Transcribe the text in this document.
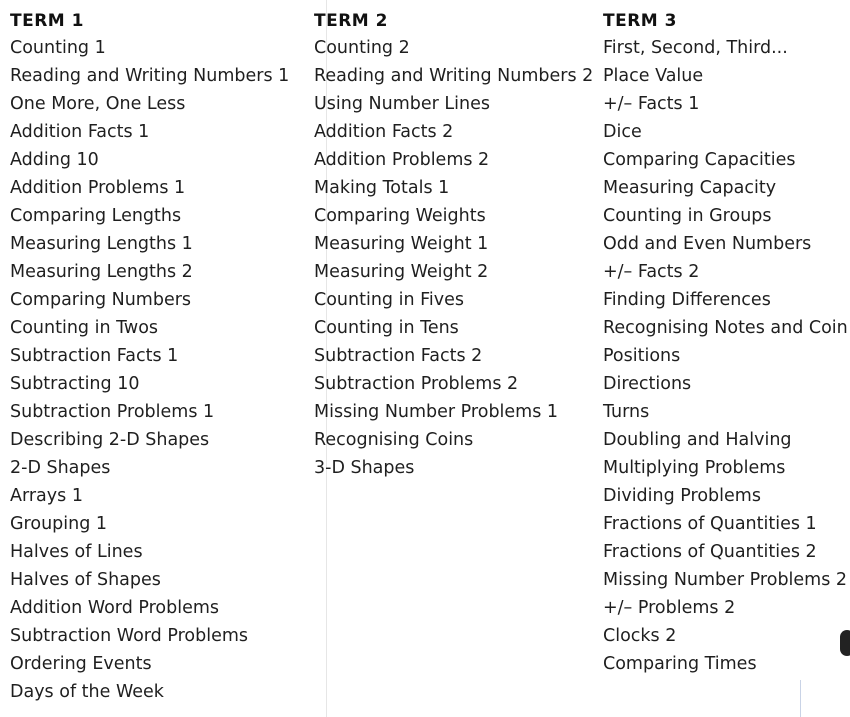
TERM 1
Counting 1
Reading and Writing Numbers 1
One More, One Less
Addition Facts 1
Adding 10
Addition Problems 1
Comparing Lengths
Measuring Lengths 1
Measuring Lengths 2
Comparing Numbers
Counting in Twos
Subtraction Facts 1
Subtracting 10
Subtraction Problems 1
Describing 2-D Shapes
2-D Shapes
Arrays 1
Grouping 1
Halves of Lines
Halves of Shapes
Addition Word Problems
Subtraction Word Problems
Ordering Events
Days of the Week
TERM 2
Counting 2
Reading and Writing Numbers 2
Using Number Lines
Addition Facts 2
Addition Problems 2
Making Totals 1
Comparing Weights
Measuring Weight 1
Measuring Weight 2
Counting in Fives
Counting in Tens
Subtraction Facts 2
Subtraction Problems 2
Missing Number Problems 1
Recognising Coins
3-D Shapes
TERM 3
First, Second, Third...
Place Value
+/– Facts 1
Dice
Comparing Capacities
Measuring Capacity
Counting in Groups
Odd and Even Numbers
+/– Facts 2
Finding Differences
Recognising Notes and Coin
Positions
Directions
Turns
Doubling and Halving
Multiplying Problems
Dividing Problems
Fractions of Quantities 1
Fractions of Quantities 2
Missing Number Problems 2
+/– Problems 2
Clocks 2
Comparing Times
